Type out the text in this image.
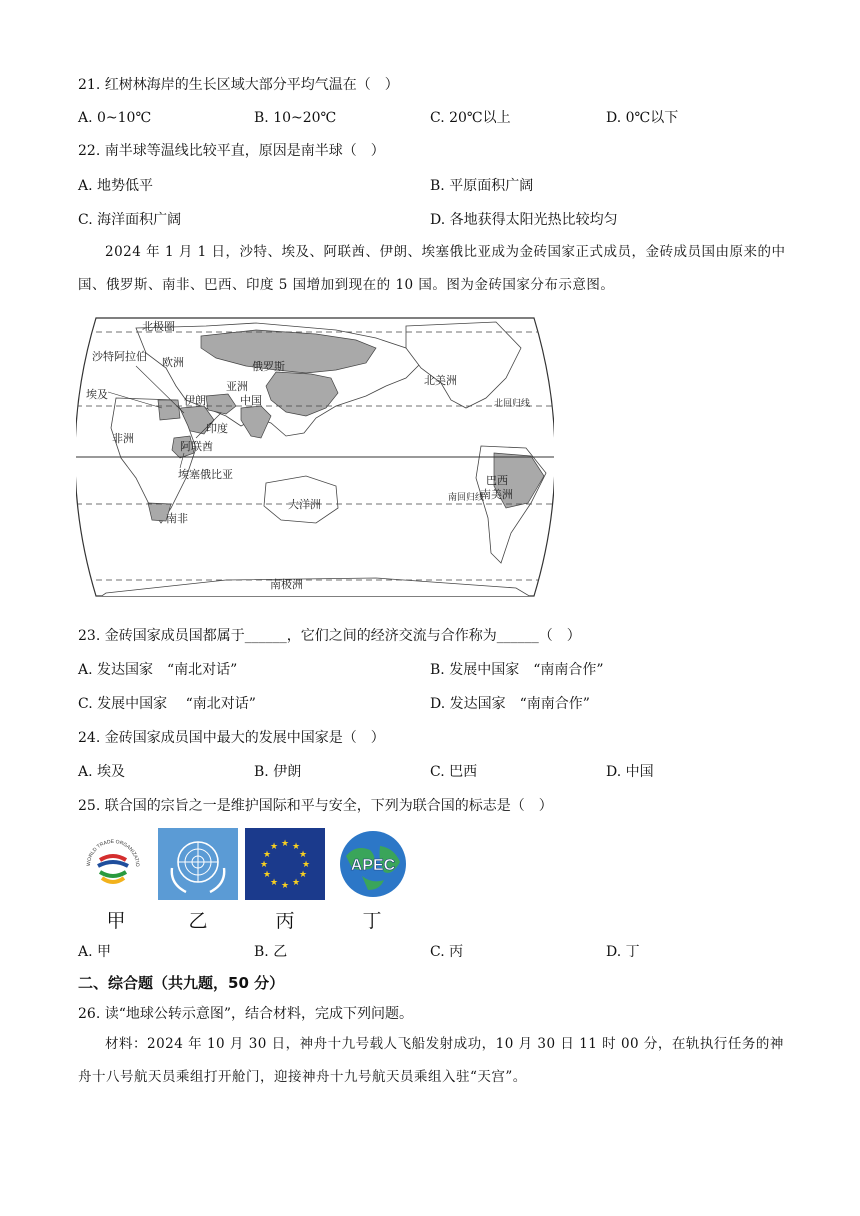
21. 红树林海岸的生长区域大部分平均气温在（　）
A. 0~10℃	B. 10~20℃	C. 20℃以上	D. 0℃以下
22. 南半球等温线比较平直，原因是南半球（　）
A. 地势低平	B. 平原面积广阔
C. 海洋面积广阔	D. 各地获得太阳光热比较均匀
2024 年 1 月 1 日，沙特、埃及、阿联酋、伊朗、埃塞俄比亚成为金砖国家正式成员，金砖成员国由原来的中国、俄罗斯、南非、巴西、印度 5 国增加到现在的 10 国。图为金砖国家分布示意图。
北极圈
沙特阿拉伯 欧洲	俄罗斯
埃及
亚洲
伊朗	中国
印度
非洲
阿联酋
埃塞俄比亚
北美洲
北回归线
巴西
南美洲
南回归线
大洋洲
南非
南极洲
23. 金砖国家成员国都属于______，它们之间的经济交流与合作称为______（　）
A. 发达国家　“南北对话”	B. 发展中国家　“南南合作”
C. 发展中国家　 “南北对话”	D. 发达国家　“南南合作”
24. 金砖国家成员国中最大的发展中国家是（　）
A. 埃及	B. 伊朗	C. 巴西	D. 中国
25. 联合国的宗旨之一是维护国际和平与安全，下列为联合国的标志是（　）
WORLD TRADE ORGANIZATIO
★ ★
★
★
★
★
★
★
★
★
★
★
APEC
甲	乙	丙	丁
A. 甲	B. 乙	C. 丙	D. 丁
二、综合题（共九题，50 分）
26. 读“地球公转示意图”，结合材料，完成下列问题。
材料：2024 年 10 月 30 日，神舟十九号载人飞船发射成功，10 月 30 日 11 时 00 分，在轨执行任务的神舟十八号航天员乘组打开舱门，迎接神舟十九号航天员乘组入驻“天宫”。
